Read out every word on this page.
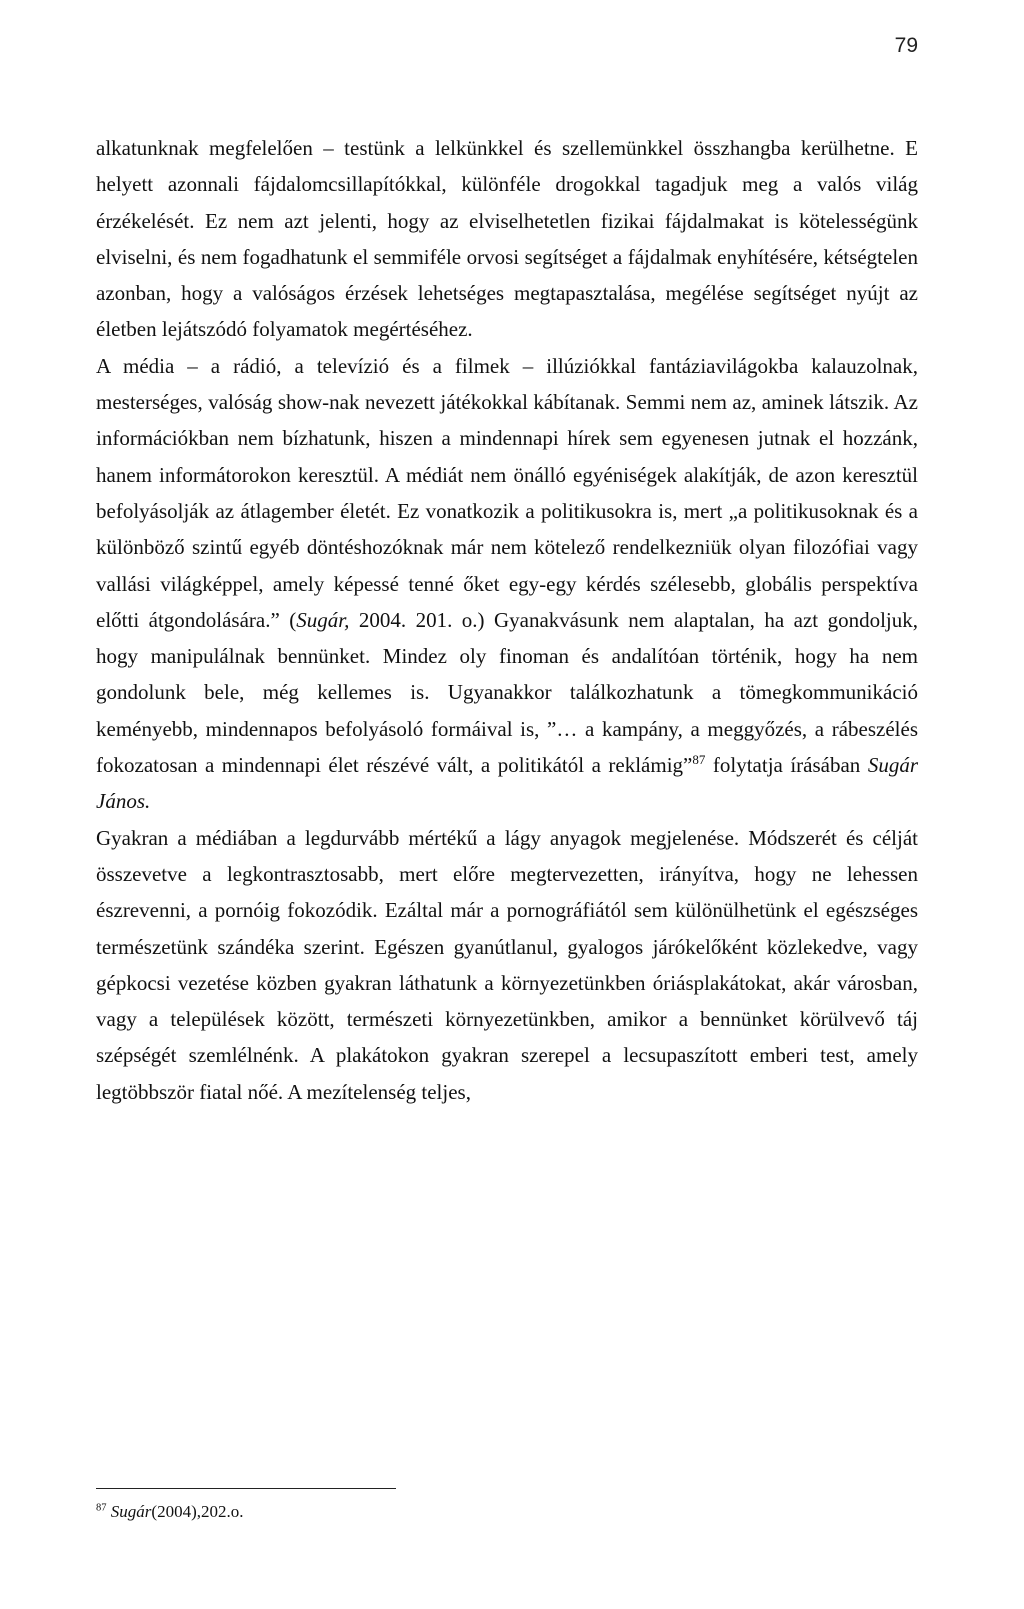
79

alkatunknak megfelelően – testünk a lelkünkkel és szellemünkkel összhangba kerülhetne. E helyett azonnali fájdalomcsillapítókkal, különféle drogokkal tagadjuk meg a valós világ érzékelését. Ez nem azt jelenti, hogy az elviselhetetlen fizikai fájdalmakat is kötelességünk elviselni, és nem fogadhatunk el semmiféle orvosi segítséget a fájdalmak enyhítésére, kétségtelen azonban, hogy a valóságos érzések lehetséges megtapasztalása, megélése segítséget nyújt az életben lejátszódó folyamatok megértéséhez.

A média – a rádió, a televízió és a filmek – illúziókkal fantáziavilágokba kalauzolnak, mesterséges, valóság show-nak nevezett játékokkal kábítanak. Semmi nem az, aminek látszik. Az információkban nem bízhatunk, hiszen a mindennapi hírek sem egyenesen jutnak el hozzánk, hanem informátorokon keresztül. A médiát nem önálló egyéniségek alakítják, de azon keresztül befolyásolják az átlagember életét. Ez vonatkozik a politikusokra is, mert „a politikusoknak és a különböző szintű egyéb döntéshozóknak már nem kötelező rendelkezniük olyan filozófiai vagy vallási világképpel, amely képessé tenné őket egy-egy kérdés szélesebb, globális perspektíva előtti átgondolására.” (Sugár, 2004. 201. o.) Gyanakvásunk nem alaptalan, ha azt gondoljuk, hogy manipulálnak bennünket. Mindez oly finoman és andalítóan történik, hogy ha nem gondolunk bele, még kellemes is. Ugyanakkor találkozhatunk a tömegkommunikáció keményebb, mindennapos befolyásoló formáival is, ”… a kampány, a meggyőzés, a rábeszélés fokozatosan a mindennapi élet részévé vált, a politikától a reklámig”$^{87}$ folytatja írásában Sugár János.

Gyakran a médiában a legdurvább mértékű a lágy anyagok megjelenése. Módszerét és célját összevetve a legkontrasztosabb, mert előre megtervezetten, irányítva, hogy ne lehessen észrevenni, a pornóig fokozódik. Ezáltal már a pornográfiától sem különülhetünk el egészséges természetünk szándéka szerint. Egészen gyanútlanul, gyalogos járókelőként közlekedve, vagy gépkocsi vezetése közben gyakran láthatunk a környezetünkben óriásplakátokat, akár városban, vagy a települések között, természeti környezetünkben, amikor a bennünket körülvevő táj szépségét szemlélnénk. A plakátokon gyakran szerepel a lecsupaszított emberi test, amely legtöbbször fiatal nőé. A mezítelenség teljes,

$^{87}$ Sugár(2004),202.o.
